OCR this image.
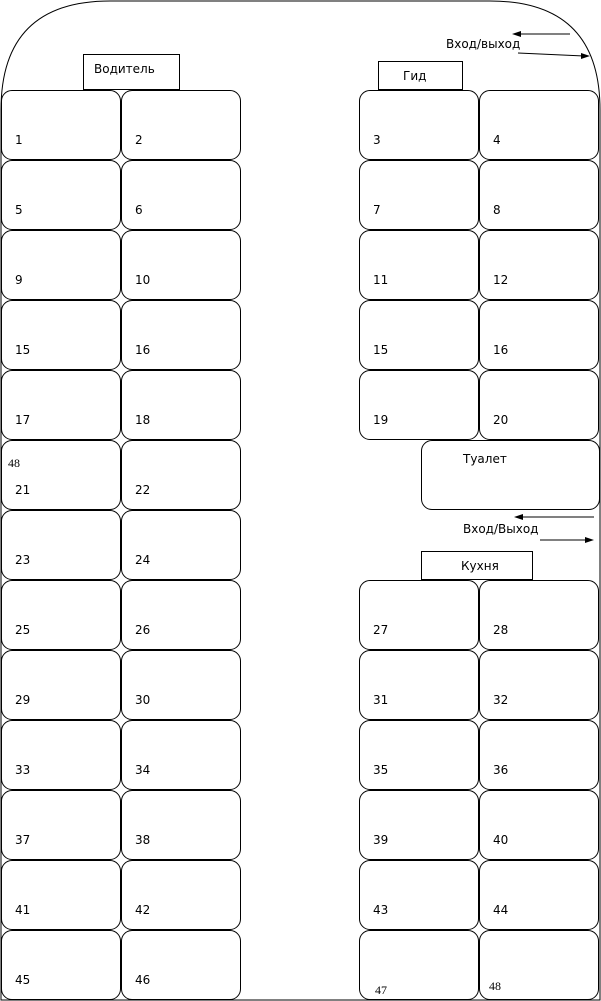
Водитель	Гид
Вход/выход
1	2
5	6
9	10
15	16
17	18
21	22
23	24
25	26
29	30
33	34
37	38
41	42
45	46
48
3	4
7	8
11	12
15	16
19	20
Туалет
Вход/Выход
Кухня
27	28
31	32
35	36
39	40
43	44
47	48
